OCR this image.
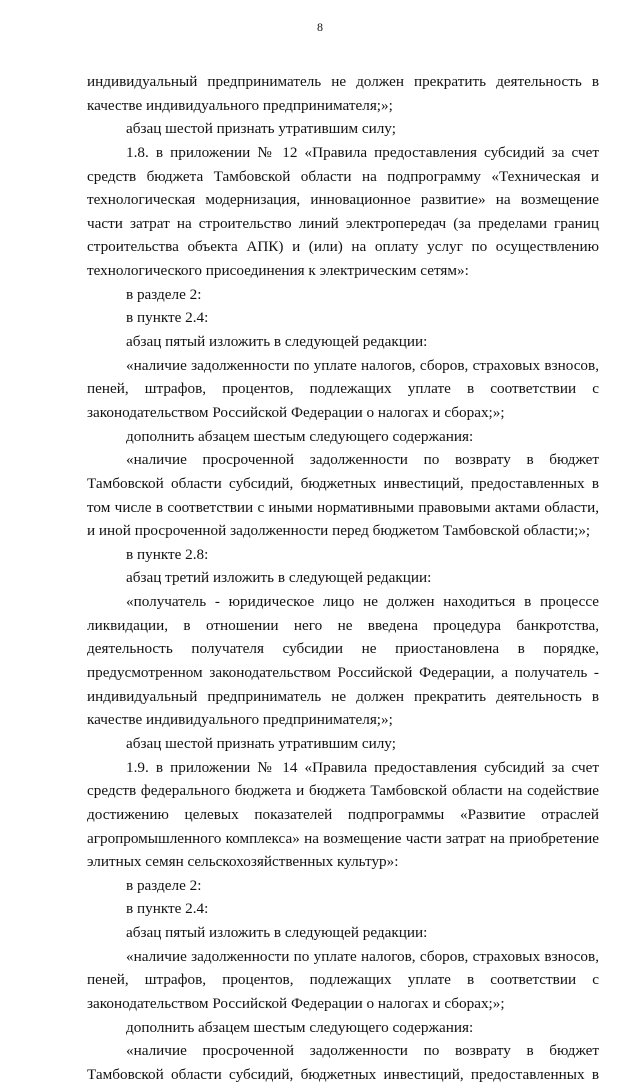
8
индивидуальный предприниматель не должен прекратить деятельность в
качестве индивидуального предпринимателя;»;
абзац шестой признать утратившим силу;
1.8. в приложении № 12 «Правила предоставления субсидий за счет
средств бюджета Тамбовской области на подпрограмму «Техническая и
технологическая модернизация, инновационное развитие» на возмещение
части затрат на строительство линий электропередач (за пределами границ
строительства объекта АПК) и (или) на оплату услуг по осуществлению
технологического присоединения к электрическим сетям»:
в разделе 2:
в пункте 2.4:
абзац пятый изложить в следующей редакции:
«наличие задолженности по уплате налогов, сборов, страховых взносов,
пеней, штрафов, процентов, подлежащих уплате в соответствии с
законодательством Российской Федерации о налогах и сборах;»;
дополнить абзацем шестым следующего содержания:
«наличие просроченной задолженности по возврату в бюджет
Тамбовской области субсидий, бюджетных инвестиций, предоставленных в
том числе в соответствии с иными нормативными правовыми актами области,
и иной просроченной задолженности перед бюджетом Тамбовской области;»;
в пункте 2.8:
абзац третий изложить в следующей редакции:
«получатель - юридическое лицо не должен находиться в процессе
ликвидации, в отношении него не введена процедура банкротства,
деятельность получателя субсидии не приостановлена в порядке,
предусмотренном законодательством Российской Федерации, а получатель -
индивидуальный предприниматель не должен прекратить деятельность в
качестве индивидуального предпринимателя;»;
абзац шестой признать утратившим силу;
1.9. в приложении № 14 «Правила предоставления субсидий за счет
средств федерального бюджета и бюджета Тамбовской области на содействие
достижению целевых показателей подпрограммы «Развитие отраслей
агропромышленного комплекса» на возмещение части затрат на приобретение
элитных семян сельскохозяйственных культур»:
в разделе 2:
в пункте 2.4:
абзац пятый изложить в следующей редакции:
«наличие задолженности по уплате налогов, сборов, страховых взносов,
пеней, штрафов, процентов, подлежащих уплате в соответствии с
законодательством Российской Федерации о налогах и сборах;»;
дополнить абзацем шестым следующего содержания:
«наличие просроченной задолженности по возврату в бюджет
Тамбовской области субсидий, бюджетных инвестиций, предоставленных в
